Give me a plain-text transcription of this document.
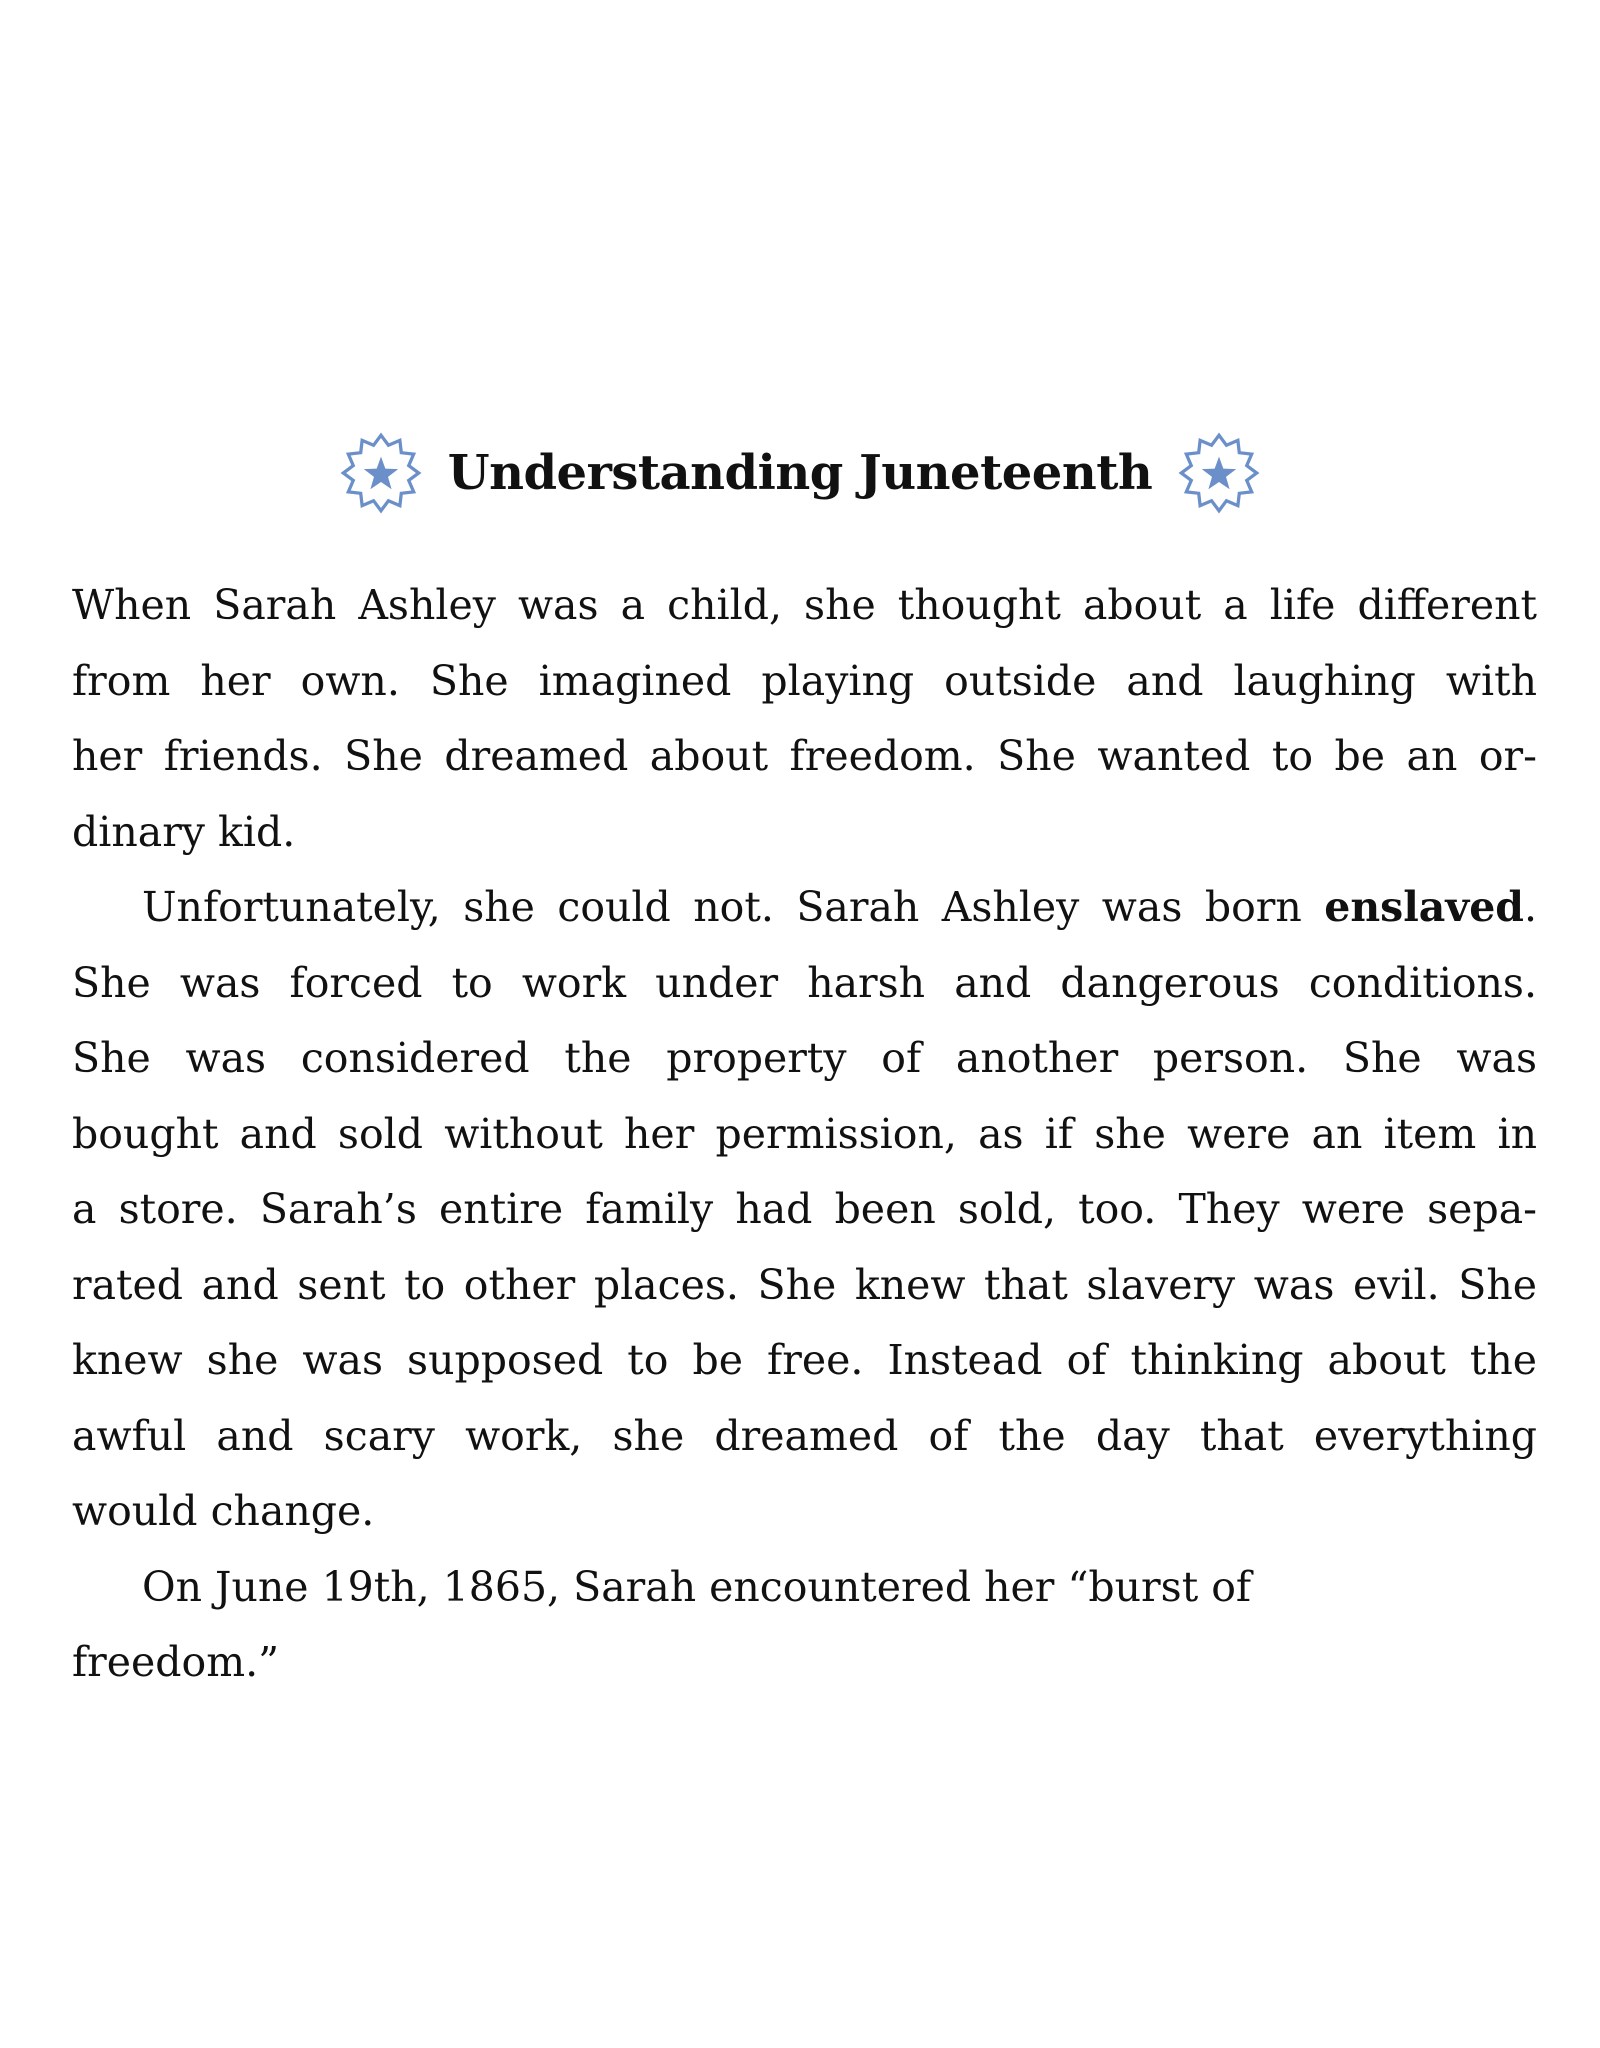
Understanding Juneteenth
When Sarah Ashley was a child, she thought about a life different
from her own. She imagined playing outside and laughing with
her friends. She dreamed about freedom. She wanted to be an or-
dinary kid.
Unfortunately, she could not. Sarah Ashley was born enslaved.
She was forced to work under harsh and dangerous conditions.
She was considered the property of another person. She was
bought and sold without her permission, as if she were an item in
a store. Sarah’s entire family had been sold, too. They were sepa-
rated and sent to other places. She knew that slavery was evil. She
knew she was supposed to be free. Instead of thinking about the
awful and scary work, she dreamed of the day that everything
would change.
On June 19th, 1865, Sarah encountered her “burst of
freedom.”
